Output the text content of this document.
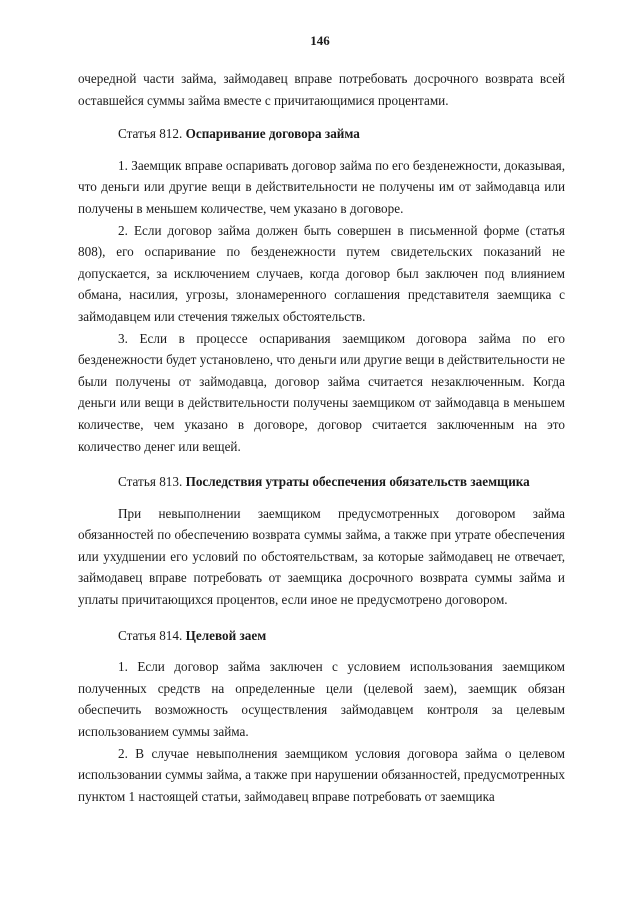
146

очередной части займа, займодавец вправе потребовать досрочного возврата всей оставшейся суммы займа вместе с причитающимися процентами.

Статья 812. Оспаривание договора займа

1. Заемщик вправе оспаривать договор займа по его безденежности, доказывая, что деньги или другие вещи в действительности не получены им от займодавца или получены в меньшем количестве, чем указано в договоре.

2. Если договор займа должен быть совершен в письменной форме (статья 808), его оспаривание по безденежности путем свидетельских показаний не допускается, за исключением случаев, когда договор был заключен под влиянием обмана, насилия, угрозы, злонамеренного соглашения представителя заемщика с займодавцем или стечения тяжелых обстоятельств.

3. Если в процессе оспаривания заемщиком договора займа по его безденежности будет установлено, что деньги или другие вещи в действительности не были получены от займодавца, договор займа считается незаключенным. Когда деньги или вещи в действительности получены заемщиком от займодавца в меньшем количестве, чем указано в договоре, договор считается заключенным на это количество денег или вещей.

Статья 813. Последствия утраты обеспечения обязательств заемщика

При невыполнении заемщиком предусмотренных договором займа обязанностей по обеспечению возврата суммы займа, а также при утрате обеспечения или ухудшении его условий по обстоятельствам, за которые займодавец не отвечает, займодавец вправе потребовать от заемщика досрочного возврата суммы займа и уплаты причитающихся процентов, если иное не предусмотрено договором.

Статья 814. Целевой заем

1. Если договор займа заключен с условием использования заемщиком полученных средств на определенные цели (целевой заем), заемщик обязан обеспечить возможность осуществления займодавцем контроля за целевым использованием суммы займа.

2. В случае невыполнения заемщиком условия договора займа о целевом использовании суммы займа, а также при нарушении обязанностей, предусмотренных пунктом 1 настоящей статьи, займодавец вправе потребовать от заемщика
